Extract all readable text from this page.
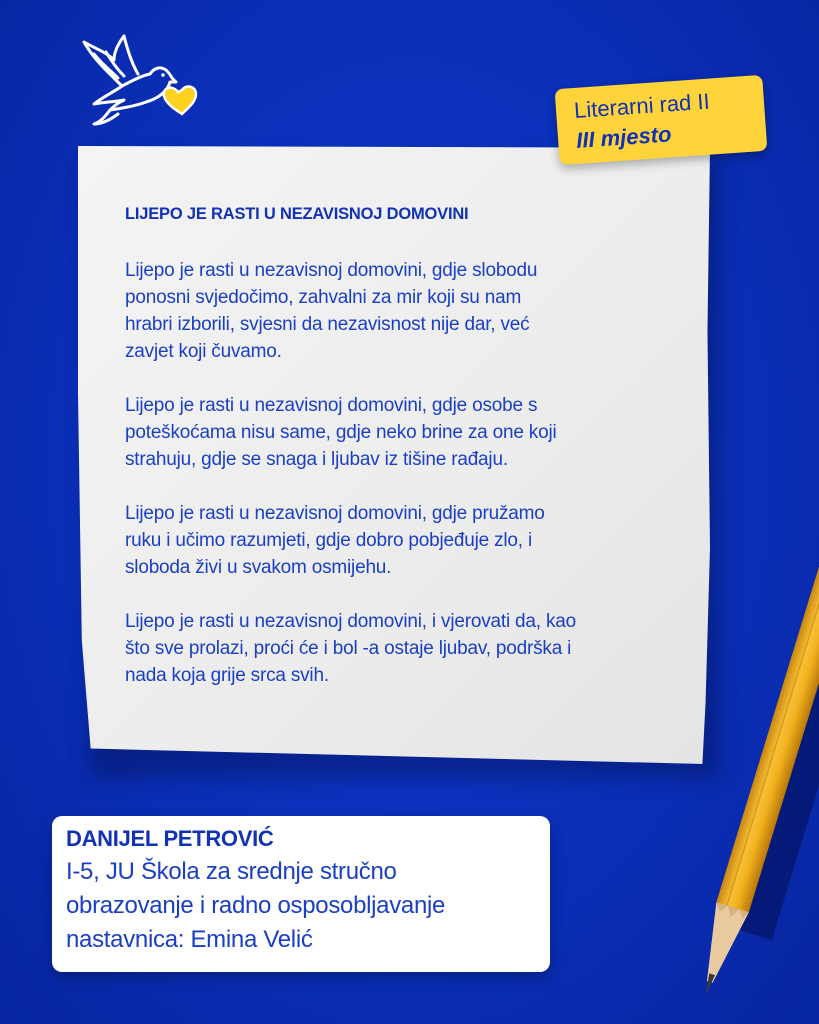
LIJEPO JE RASTI U NEZAVISNOJ DOMOVINI
Lijepo je rasti u nezavisnoj domovini, gdje slobodu
ponosni svjedočimo, zahvalni za mir koji su nam
hrabri izborili, svjesni da nezavisnost nije dar, već
zavjet koji čuvamo.
Lijepo je rasti u nezavisnoj domovini, gdje osobe s
poteškoćama nisu same, gdje neko brine za one koji
strahuju, gdje se snaga i ljubav iz tišine rađaju.
Lijepo je rasti u nezavisnoj domovini, gdje pružamo
ruku i učimo razumjeti, gdje dobro pobjeđuje zlo, i
sloboda živi u svakom osmijehu.
Lijepo je rasti u nezavisnoj domovini, i vjerovati da, kao
što sve prolazi, proći će i bol -a ostaje ljubav, podrška i
nada koja grije srca svih.
Literarni rad II
III mjesto
DANIJEL PETROVIĆ
I-5, JU Škola za srednje stručno
obrazovanje i radno osposobljavanje
nastavnica: Emina Velić
